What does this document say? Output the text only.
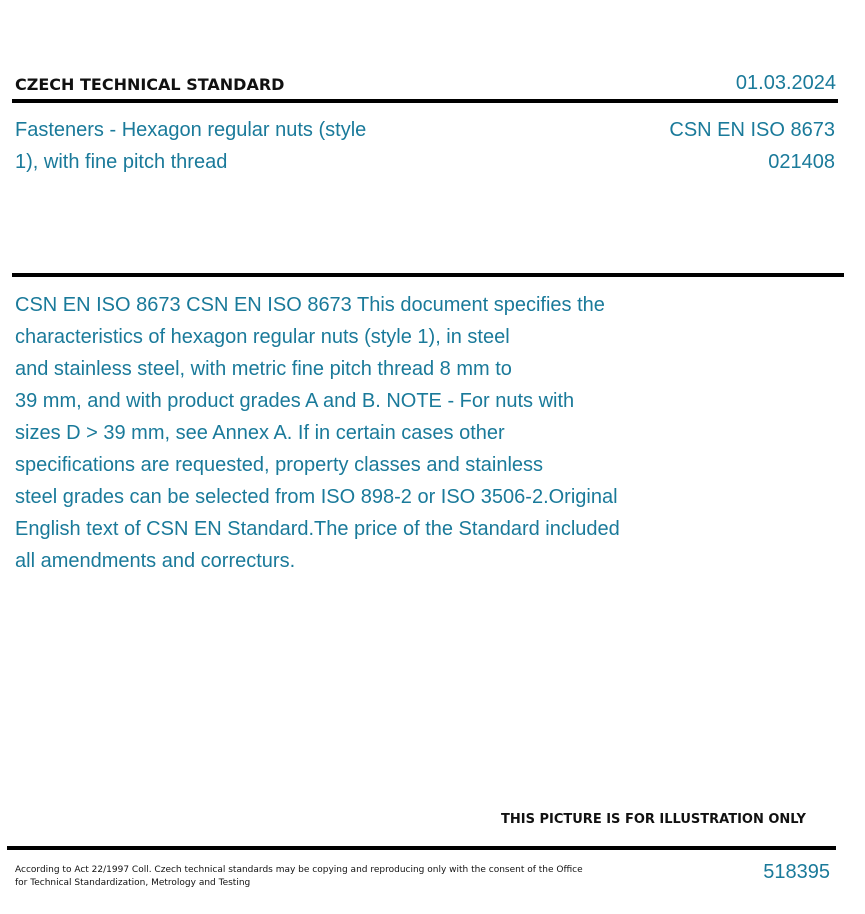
CZECH TECHNICAL STANDARD	01.03.2024
Fasteners - Hexagon regular nuts (style
1), with fine pitch thread
CSN EN ISO 8673
021408
CSN EN ISO 8673 CSN EN ISO 8673 This document specifies the
characteristics of hexagon regular nuts (style 1), in steel
and stainless steel, with metric fine pitch thread 8 mm to
39 mm, and with product grades A and B. NOTE - For nuts with
sizes D > 39 mm, see Annex A. If in certain cases other
specifications are requested, property classes and stainless
steel grades can be selected from ISO 898-2 or ISO 3506-2.Original
English text of CSN EN Standard.The price of the Standard included
all amendments and correcturs.
THIS PICTURE IS FOR ILLUSTRATION ONLY
According to Act 22/1997 Coll. Czech technical standards may be copying and reproducing only with the consent of the Office
for Technical Standardization, Metrology and Testing	518395
